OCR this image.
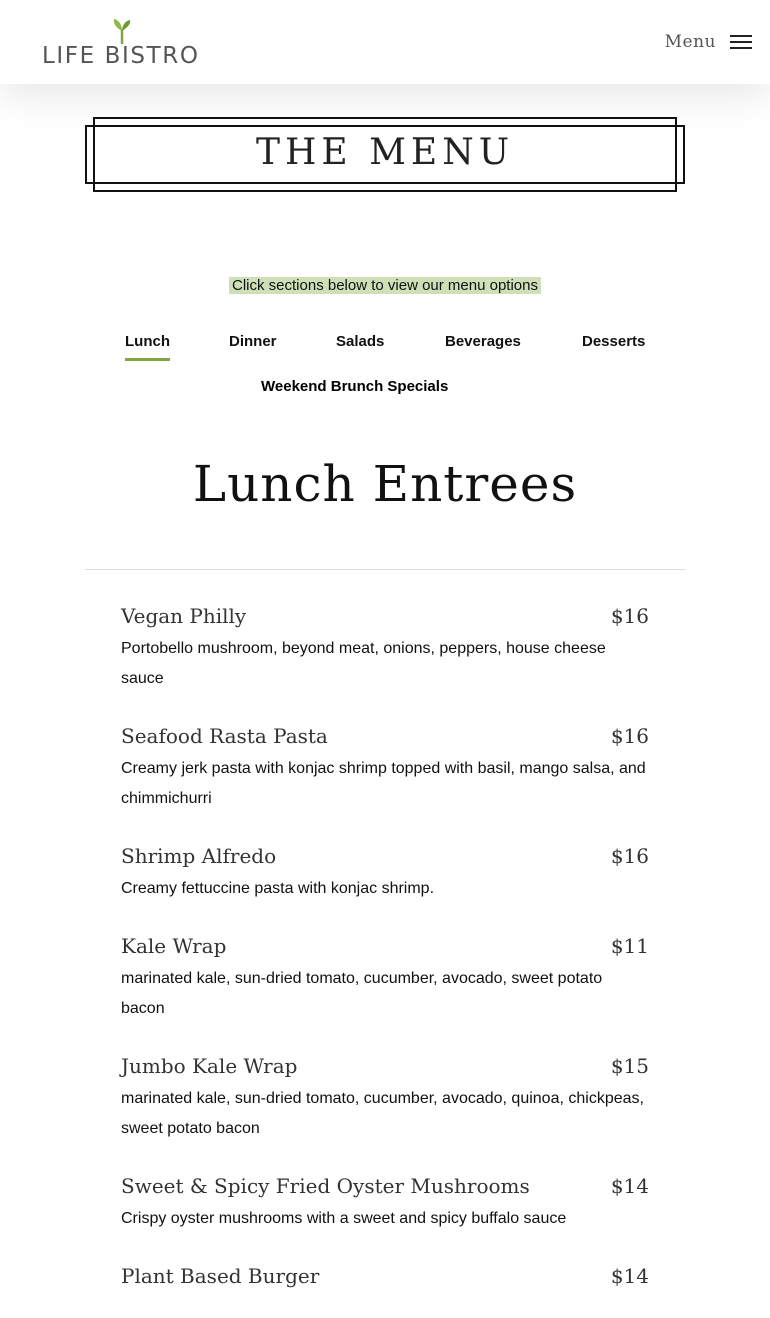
LIFE BISTRO
Menu
THE MENU
Click sections below to view our menu options
Lunch	Dinner	Salads	Beverages	Desserts
Weekend Brunch Specials
Lunch Entrees
Vegan Philly	$16

Portobello mushroom, beyond meat, onions, peppers, house cheese sauce

Seafood Rasta Pasta	$16

Creamy jerk pasta with konjac shrimp topped with basil, mango salsa, and chimmichurri

Shrimp Alfredo	$16

Creamy fettuccine pasta with konjac shrimp.

Kale Wrap	$11

marinated kale, sun-dried tomato, cucumber, avocado, sweet potato bacon

Jumbo Kale Wrap	$15

marinated kale, sun-dried tomato, cucumber, avocado, quinoa, chickpeas, sweet potato bacon

Sweet & Spicy Fried Oyster Mushrooms	$14

Crispy oyster mushrooms with a sweet and spicy buffalo sauce

Plant Based Burger	$14
